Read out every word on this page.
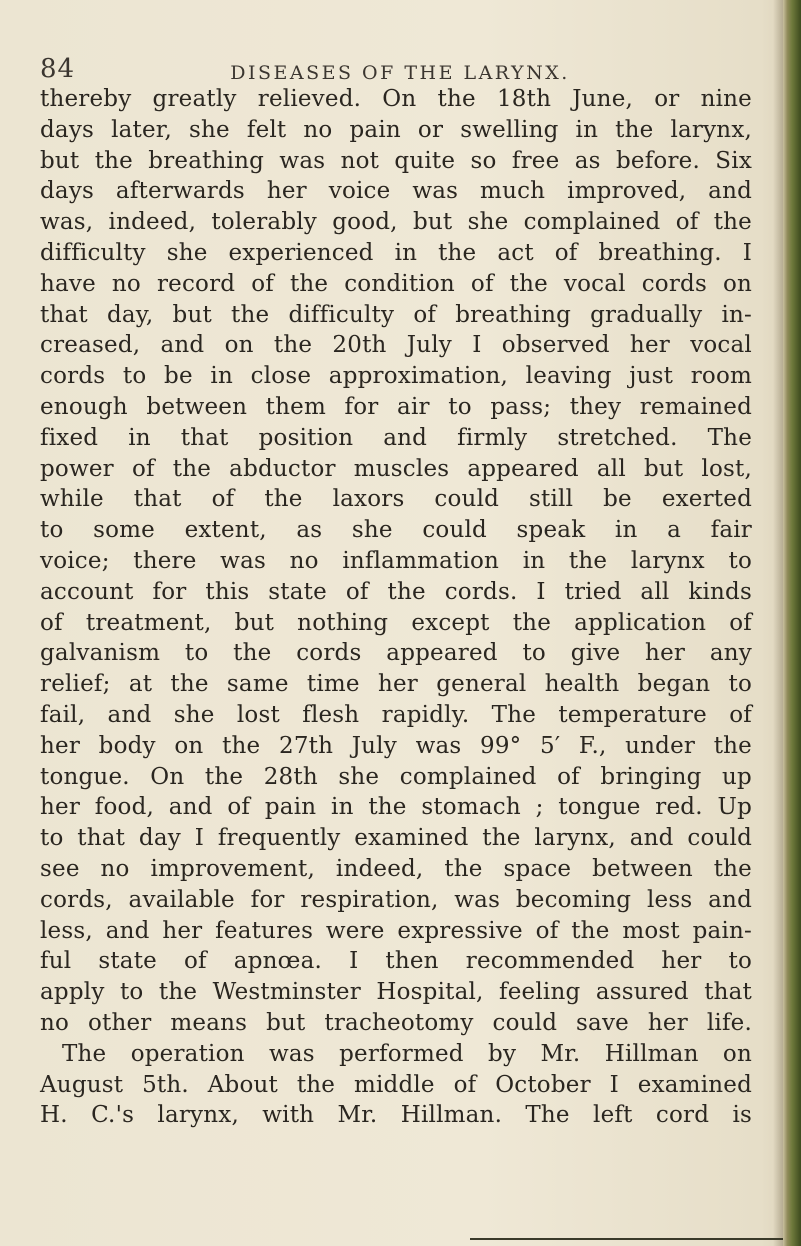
84	DISEASES OF THE LARYNX.
thereby greatly relieved. On the 18th June, or nine
days later, she felt no pain or swelling in the larynx,
but the breathing was not quite so free as before. Six
days afterwards her voice was much improved, and
was, indeed, tolerably good, but she complained of the
difficulty she experienced in the act of breathing. I
have no record of the condition of the vocal cords on
that day, but the difficulty of breathing gradually in-
creased, and on the 20th July I observed her vocal
cords to be in close approximation, leaving just room
enough between them for air to pass; they remained
fixed in that position and firmly stretched. The
power of the abductor muscles appeared all but lost,
while that of the laxors could still be exerted
to some extent, as she could speak in a fair
voice; there was no inflammation in the larynx to
account for this state of the cords. I tried all kinds
of treatment, but nothing except the application of
galvanism to the cords appeared to give her any
relief; at the same time her general health began to
fail, and she lost flesh rapidly. The temperature of
her body on the 27th July was 99° 5′ F., under the
tongue. On the 28th she complained of bringing up
her food, and of pain in the stomach ; tongue red. Up
to that day I frequently examined the larynx, and could
see no improvement, indeed, the space between the
cords, available for respiration, was becoming less and
less, and her features were expressive of the most pain-
ful state of apnœa. I then recommended her to
apply to the Westminster Hospital, feeling assured that
no other means but tracheotomy could save her life.
The operation was performed by Mr. Hillman on
August 5th. About the middle of October I examined
H. C.'s larynx, with Mr. Hillman. The left cord is
